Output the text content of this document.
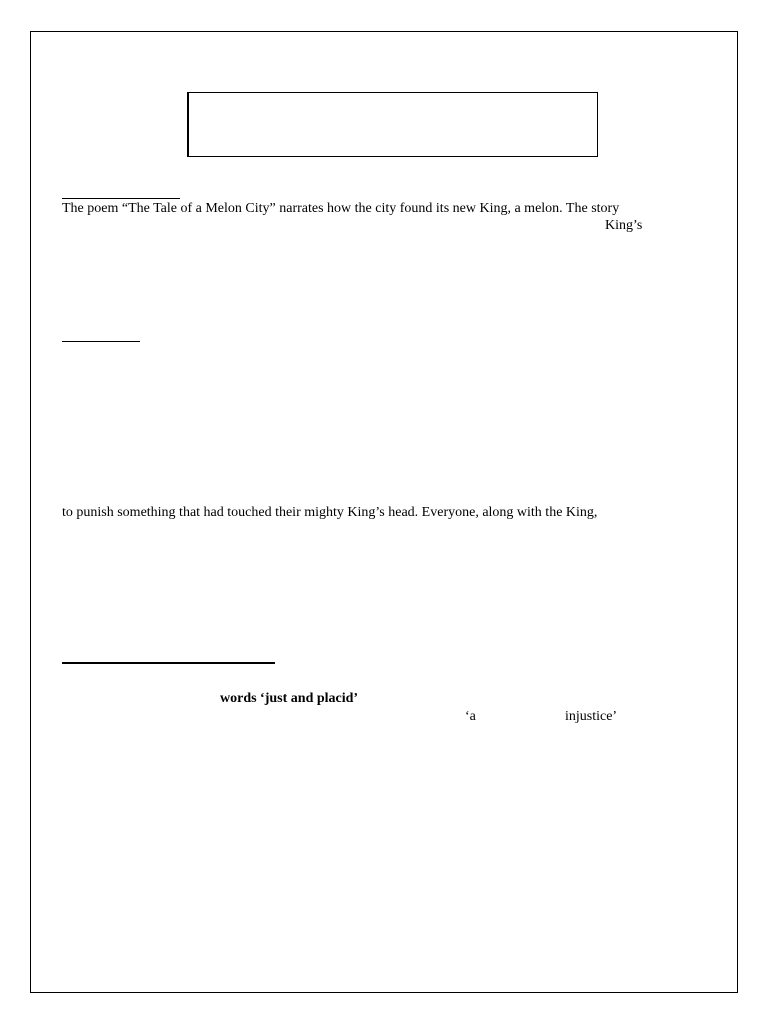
The poem “The Tale of a Melon City” narrates how the city found its new King, a melon. The story
King’s
to punish something that had touched their mighty King’s head. Everyone, along with the King,
words ‘just and placid’
‘a	injustice’
